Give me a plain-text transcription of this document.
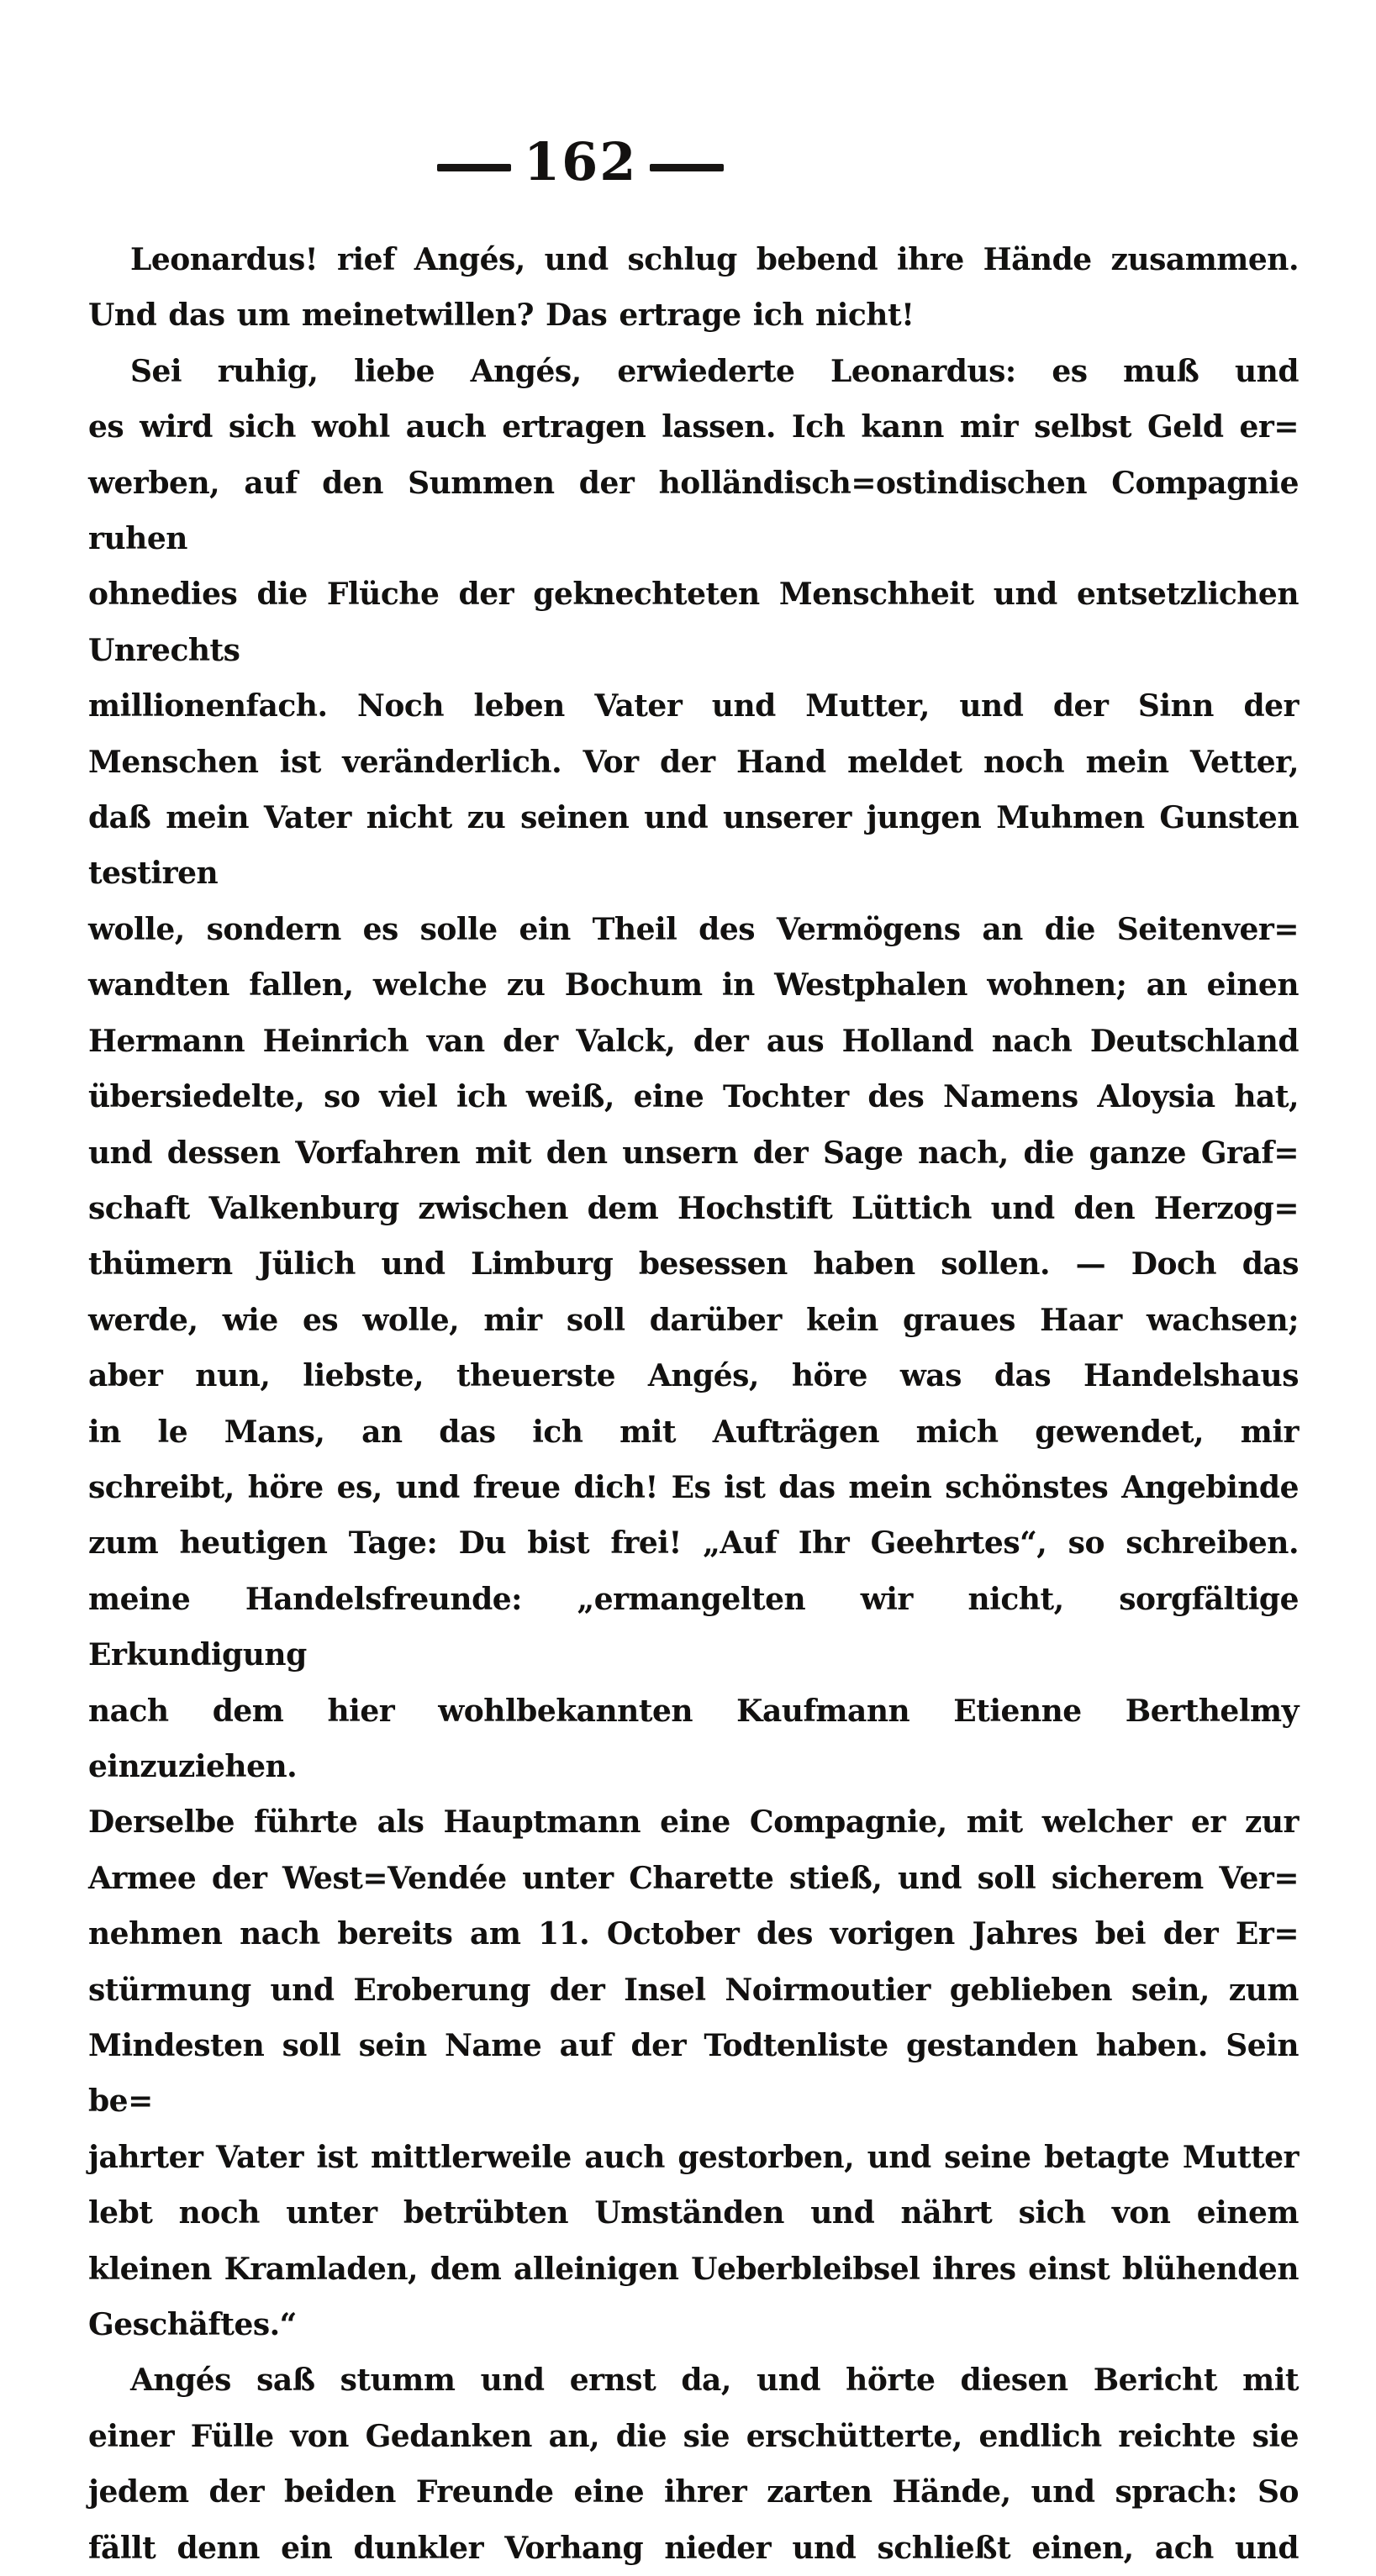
162
Leonardus! rief Angés, und schlug bebend ihre Hände zusammen.
Und das um meinetwillen? Das ertrage ich nicht!
Sei ruhig, liebe Angés, erwiederte Leonardus: es muß und
es wird sich wohl auch ertragen lassen. Ich kann mir selbst Geld er=
werben, auf den Summen der holländisch=ostindischen Compagnie ruhen
ohnedies die Flüche der geknechteten Menschheit und entsetzlichen Unrechts
millionenfach. Noch leben Vater und Mutter, und der Sinn der
Menschen ist veränderlich. Vor der Hand meldet noch mein Vetter,
daß mein Vater nicht zu seinen und unserer jungen Muhmen Gunsten testiren
wolle, sondern es solle ein Theil des Vermögens an die Seitenver=
wandten fallen, welche zu Bochum in Westphalen wohnen; an einen
Hermann Heinrich van der Valck, der aus Holland nach Deutschland
übersiedelte, so viel ich weiß, eine Tochter des Namens Aloysia hat,
und dessen Vorfahren mit den unsern der Sage nach, die ganze Graf=
schaft Valkenburg zwischen dem Hochstift Lüttich und den Herzog=
thümern Jülich und Limburg besessen haben sollen. — Doch das
werde, wie es wolle, mir soll darüber kein graues Haar wachsen;
aber nun, liebste, theuerste Angés, höre was das Handelshaus
in le Mans, an das ich mit Aufträgen mich gewendet, mir
schreibt, höre es, und freue dich! Es ist das mein schönstes Angebinde
zum heutigen Tage: Du bist frei! „Auf Ihr Geehrtes“, so schreiben.
meine Handelsfreunde: „ermangelten wir nicht, sorgfältige Erkundigung
nach dem hier wohlbekannten Kaufmann Etienne Berthelmy einzuziehen.
Derselbe führte als Hauptmann eine Compagnie, mit welcher er zur
Armee der West=Vendée unter Charette stieß, und soll sicherem Ver=
nehmen nach bereits am 11. October des vorigen Jahres bei der Er=
stürmung und Eroberung der Insel Noirmoutier geblieben sein, zum
Mindesten soll sein Name auf der Todtenliste gestanden haben. Sein be=
jahrter Vater ist mittlerweile auch gestorben, und seine betagte Mutter
lebt noch unter betrübten Umständen und nährt sich von einem
kleinen Kramladen, dem alleinigen Ueberbleibsel ihres einst blühenden
Geschäftes.“
Angés saß stumm und ernst da, und hörte diesen Bericht mit
einer Fülle von Gedanken an, die sie erschütterte, endlich reichte sie
jedem der beiden Freunde eine ihrer zarten Hände, und sprach: So
fällt denn ein dunkler Vorhang nieder und schließt einen, ach und
